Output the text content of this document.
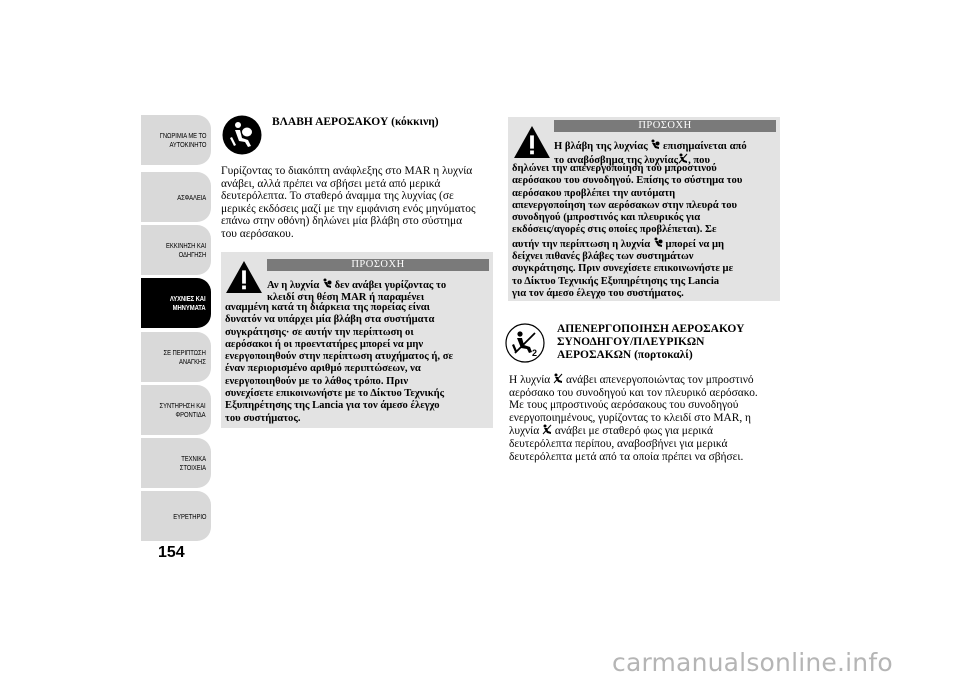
ΓΝΩΡΙΜΙΑ ΜΕ ΤΟ
ΑΥΤΟΚΙΝΗΤΟ
ΑΣΦΑΛΕΙΑ
ΕΚΚΙΝΗΣΗ ΚΑΙ
ΟΔΗΓΗΣΗ
ΛΥΧΝΙΕΣ ΚΑΙ
ΜΗΝΥΜΑΤΑ
ΣΕ ΠΕΡΙΠΤΩΣΗ
ΑΝΑΓΚΗΣ
ΣΥΝΤΗΡΗΣΗ ΚΑΙ
ΦΡΟΝΤΙΔΑ
ΤΕΧΝΙΚΑ ΣΤΟΙΧΕΙΑ
ΕΥΡΕΤΗΡΙΟ
154
ΒΛΑΒΗ ΑΕΡΟΣΑΚΟΥ (κόκκινη)
Γυρίζοντας το διακόπτη ανάφλεξης στο MAR η λυχνία
ανάβει, αλλά πρέπει να σβήσει μετά από μερικά
δευτερόλεπτα. Το σταθερό άναμμα της λυχνίας (σε
μερικές εκδόσεις μαζί με την εμφάνιση ενός μηνύματος
επάνω στην οθόνη) δηλώνει μία βλάβη στο σύστημα
του αερόσακου.
ΠΡΟΣΟΧΗ
Αν η λυχνία δεν ανάβει γυρίζοντας το
κλειδί στη θέση MAR ή παραμένει
αναμμένη κατά τη διάρκεια της πορείας είναι
δυνατόν να υπάρχει μία βλάβη στα συστήματα
συγκράτησης· σε αυτήν την περίπτωση οι
αερόσακοι ή οι προεντατήρες μπορεί να μην
ενεργοποιηθούν στην περίπτωση ατυχήματος ή, σε
έναν περιορισμένο αριθμό περιπτώσεων, να
ενεργοποιηθούν με το λάθος τρόπο. Πριν
συνεχίσετε επικοινωνήστε με το Δίκτυο Τεχνικής
Εξυπηρέτησης της Lancia για τον άμεσο έλεγχο
του συστήματος.
ΠΡΟΣΟΧΗ
Η βλάβη της λυχνίας επισημαίνεται από
το αναβόσβημα της λυχνίας , που
δηλώνει την απενεργοποίηση του μπροστινού
αερόσακου του συνοδηγού. Επίσης το σύστημα του
αερόσακου προβλέπει την αυτόματη
απενεργοποίηση των αερόσακων στην πλευρά του
συνοδηγού (μπροστινός και πλευρικός για
εκδόσεις/αγορές στις οποίες προβλέπεται). Σε
αυτήν την περίπτωση η λυχνία μπορεί να μη
δείχνει πιθανές βλάβες των συστημάτων
συγκράτησης. Πριν συνεχίσετε επικοινωνήστε με
το Δίκτυο Τεχνικής Εξυπηρέτησης της Lancia
για τον άμεσο έλεγχο του συστήματος.
2
ΑΠΕΝΕΡΓΟΠΟΙΗΣΗ ΑΕΡΟΣΑΚΟΥ
ΣΥΝΟΔΗΓΟΥ/ΠΛΕΥΡΙΚΩΝ
ΑΕΡΟΣΑΚΩΝ (πορτοκαλί)
Η λυχνία ανάβει απενεργοποιώντας τον μπροστινό
αερόσακο του συνοδηγού και τον πλευρικό αερόσακο.
Με τους μπροστινούς αερόσακους του συνοδηγού
ενεργοποιημένους, γυρίζοντας το κλειδί στο MAR, η
λυχνία ανάβει με σταθερό φως για μερικά
δευτερόλεπτα περίπου, αναβοσβήνει για μερικά
δευτερόλεπτα μετά από τα οποία πρέπει να σβήσει.
carmanualsonline.info
